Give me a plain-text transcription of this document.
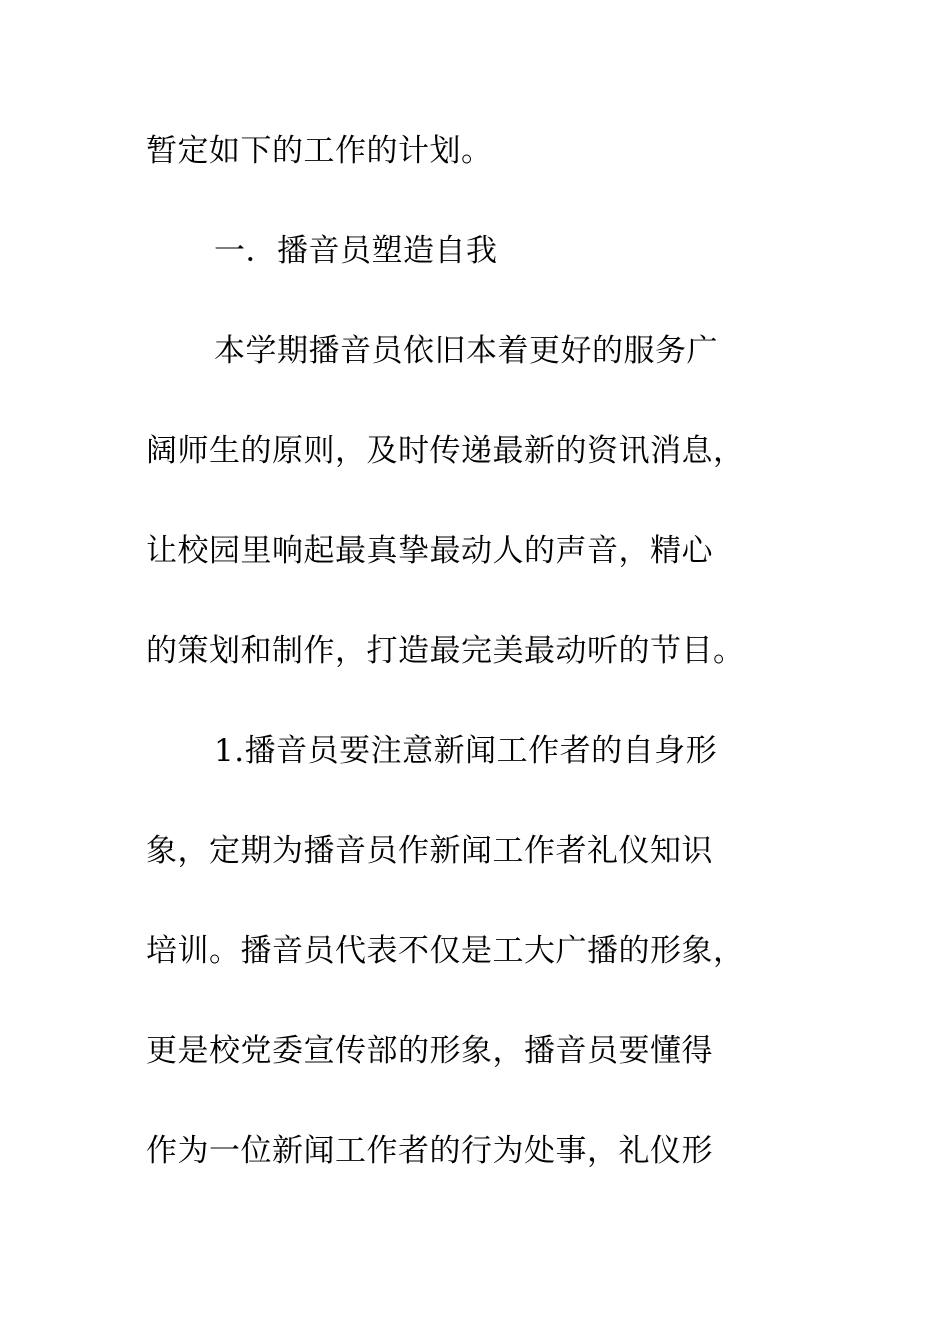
暂定如下的工作的计划。
一．播音员塑造自我
本学期播音员依旧本着更好的服务广
阔师生的原则，及时传递最新的资讯消息，
让校园里响起最真挚最动人的声音，精心
的策划和制作，打造最完美最动听的节目。
1.播音员要注意新闻工作者的自身形
象，定期为播音员作新闻工作者礼仪知识
培训。播音员代表不仅是工大广播的形象，
更是校党委宣传部的形象，播音员要懂得
作为一位新闻工作者的行为处事，礼仪形
